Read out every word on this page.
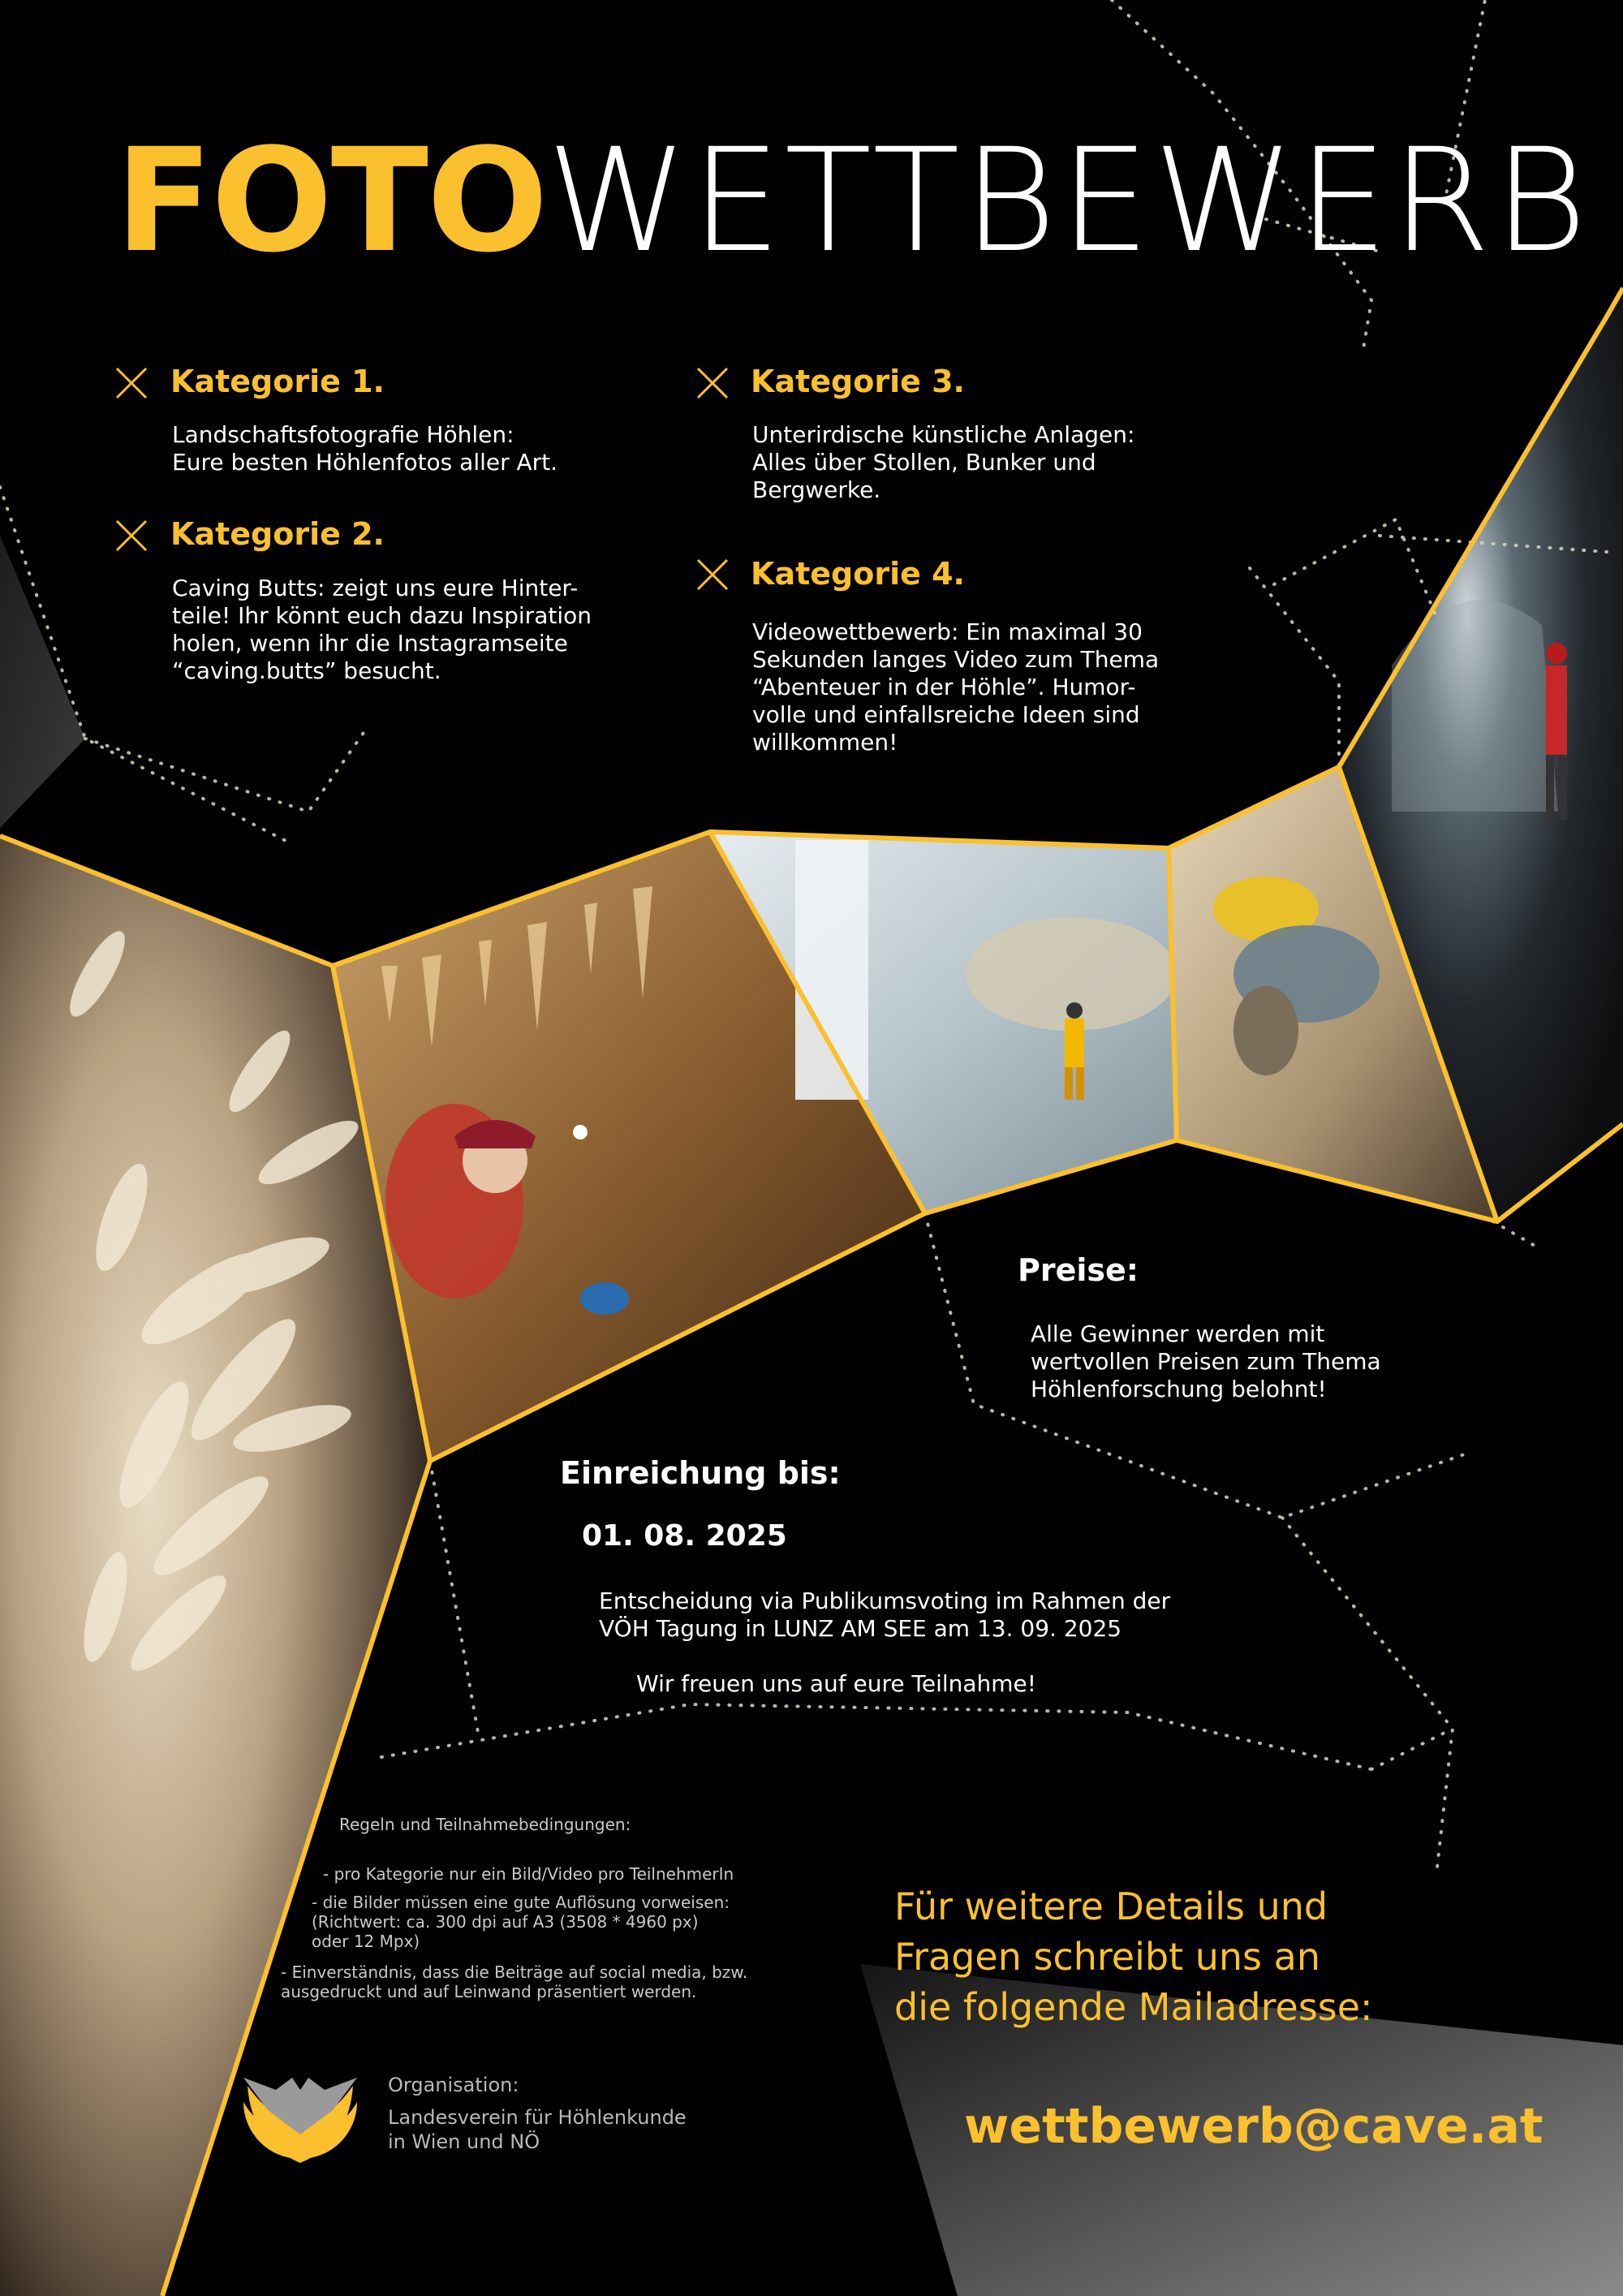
FOTOWETTBEWERB
Kategorie 1.
Landschaftsfotografie Höhlen:
Eure besten Höhlenfotos aller Art.
Kategorie 2.
Caving Butts: zeigt uns eure Hinter-
teile! Ihr könnt euch dazu Inspiration
holen, wenn ihr die Instagramseite
“caving.butts” besucht.
Kategorie 3.
Unterirdische künstliche Anlagen:
Alles über Stollen, Bunker und
Bergwerke.
Kategorie 4.
Videowettbewerb: Ein maximal 30
Sekunden langes Video zum Thema
“Abenteuer in der Höhle”. Humor-
volle und einfallsreiche Ideen sind
willkommen!
Preise:
Alle Gewinner werden mit
wertvollen Preisen zum Thema
Höhlenforschung belohnt!
Einreichung bis:
01. 08. 2025
Entscheidung via Publikumsvoting im Rahmen der
VÖH Tagung in LUNZ AM SEE am 13. 09. 2025
Wir freuen uns auf eure Teilnahme!
Regeln und Teilnahmebedingungen:
- pro Kategorie nur ein Bild/Video pro TeilnehmerIn
- die Bilder müssen eine gute Auflösung vorweisen:
(Richtwert: ca. 300 dpi auf A3 (3508 * 4960 px)
oder 12 Mpx)
- Einverständnis, dass die Beiträge auf social media, bzw.
ausgedruckt und auf Leinwand präsentiert werden.
Für weitere Details und
Fragen schreibt uns an
die folgende Mailadresse:
wettbewerb@cave.at
Organisation:
Landesverein für Höhlenkunde
in Wien und NÖ
